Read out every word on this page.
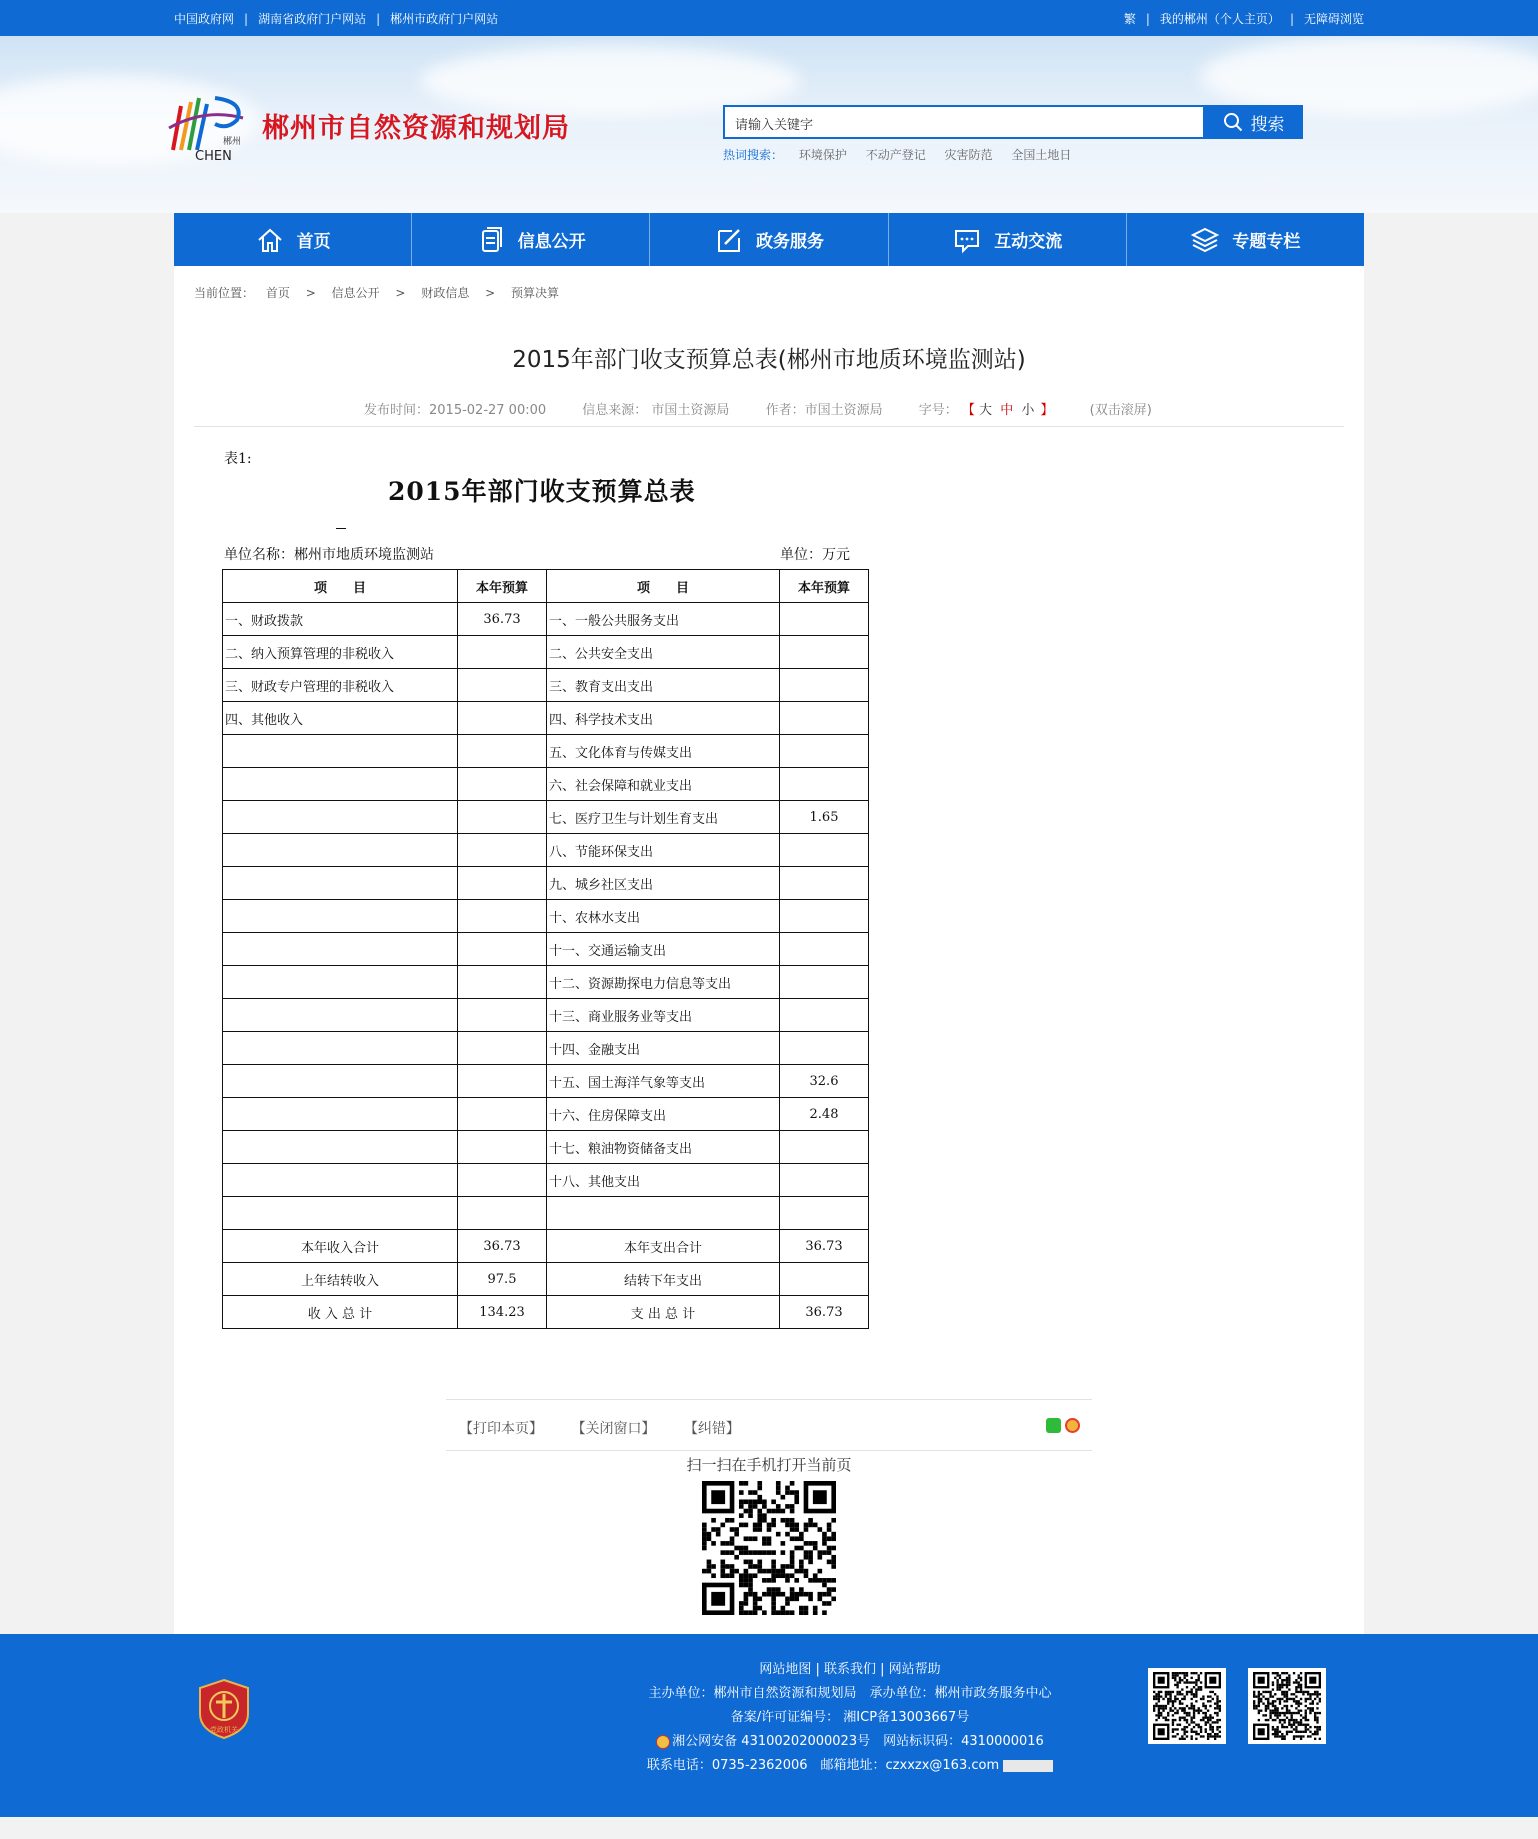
中国政府网 | 湖南省政府门户网站 | 郴州市政府门户网站	繁 | 我的郴州（个人主页） | 无障碍浏览
郴州
CHEN
郴州市自然资源和规划局	请输入关键字	搜索
热词搜索： 环境保护 不动产登记 灾害防范 全国土地日
首页	信息公开	政务服务	互动交流	专题专栏
当前位置： 首页 > 信息公开 > 财政信息 > 预算决算
2015年部门收支预算总表(郴州市地质环境监测站)
发布时间：2015-02-27 00:00	信息来源： 市国土资源局	作者：市国土资源局	字号： 【 大 中 小 】	(双击滚屏)
表1:
2015年部门收支预算总表
单位名称：郴州市地质环境监测站	单位：万元
项　　目	本年预算	项　　目	本年预算
一、财政拨款	36.73	一、一般公共服务支出	
二、纳入预算管理的非税收入		二、公共安全支出	
三、财政专户管理的非税收入		三、教育支出支出	
四、其他收入		四、科学技术支出	
		五、文化体育与传媒支出	
		六、社会保障和就业支出	
		七、医疗卫生与计划生育支出	1.65
		八、节能环保支出	
		九、城乡社区支出	
		十、农林水支出	
		十一、交通运输支出	
		十二、资源勘探电力信息等支出	
		十三、商业服务业等支出	
		十四、金融支出	
		十五、国土海洋气象等支出	32.6
		十六、住房保障支出	2.48
		十七、粮油物资储备支出	
		十八、其他支出	

本年收入合计	36.73	本年支出合计	36.73
上年结转收入	97.5	结转下年支出	
收 入 总 计	134.23	支 出 总 计	36.73
【打印本页】 【关闭窗口】 【纠错】
扫一扫在手机打开当前页
党政机关
网站地图 | 联系我们 | 网站帮助
主办单位：郴州市自然资源和规划局　承办单位：郴州市政务服务中心
备案/许可证编号： 湘ICP备13003667号
湘公网安备 43100202000023号　网站标识码：4310000016
联系电话：0735-2362006　邮箱地址：czxxzx@163.com
